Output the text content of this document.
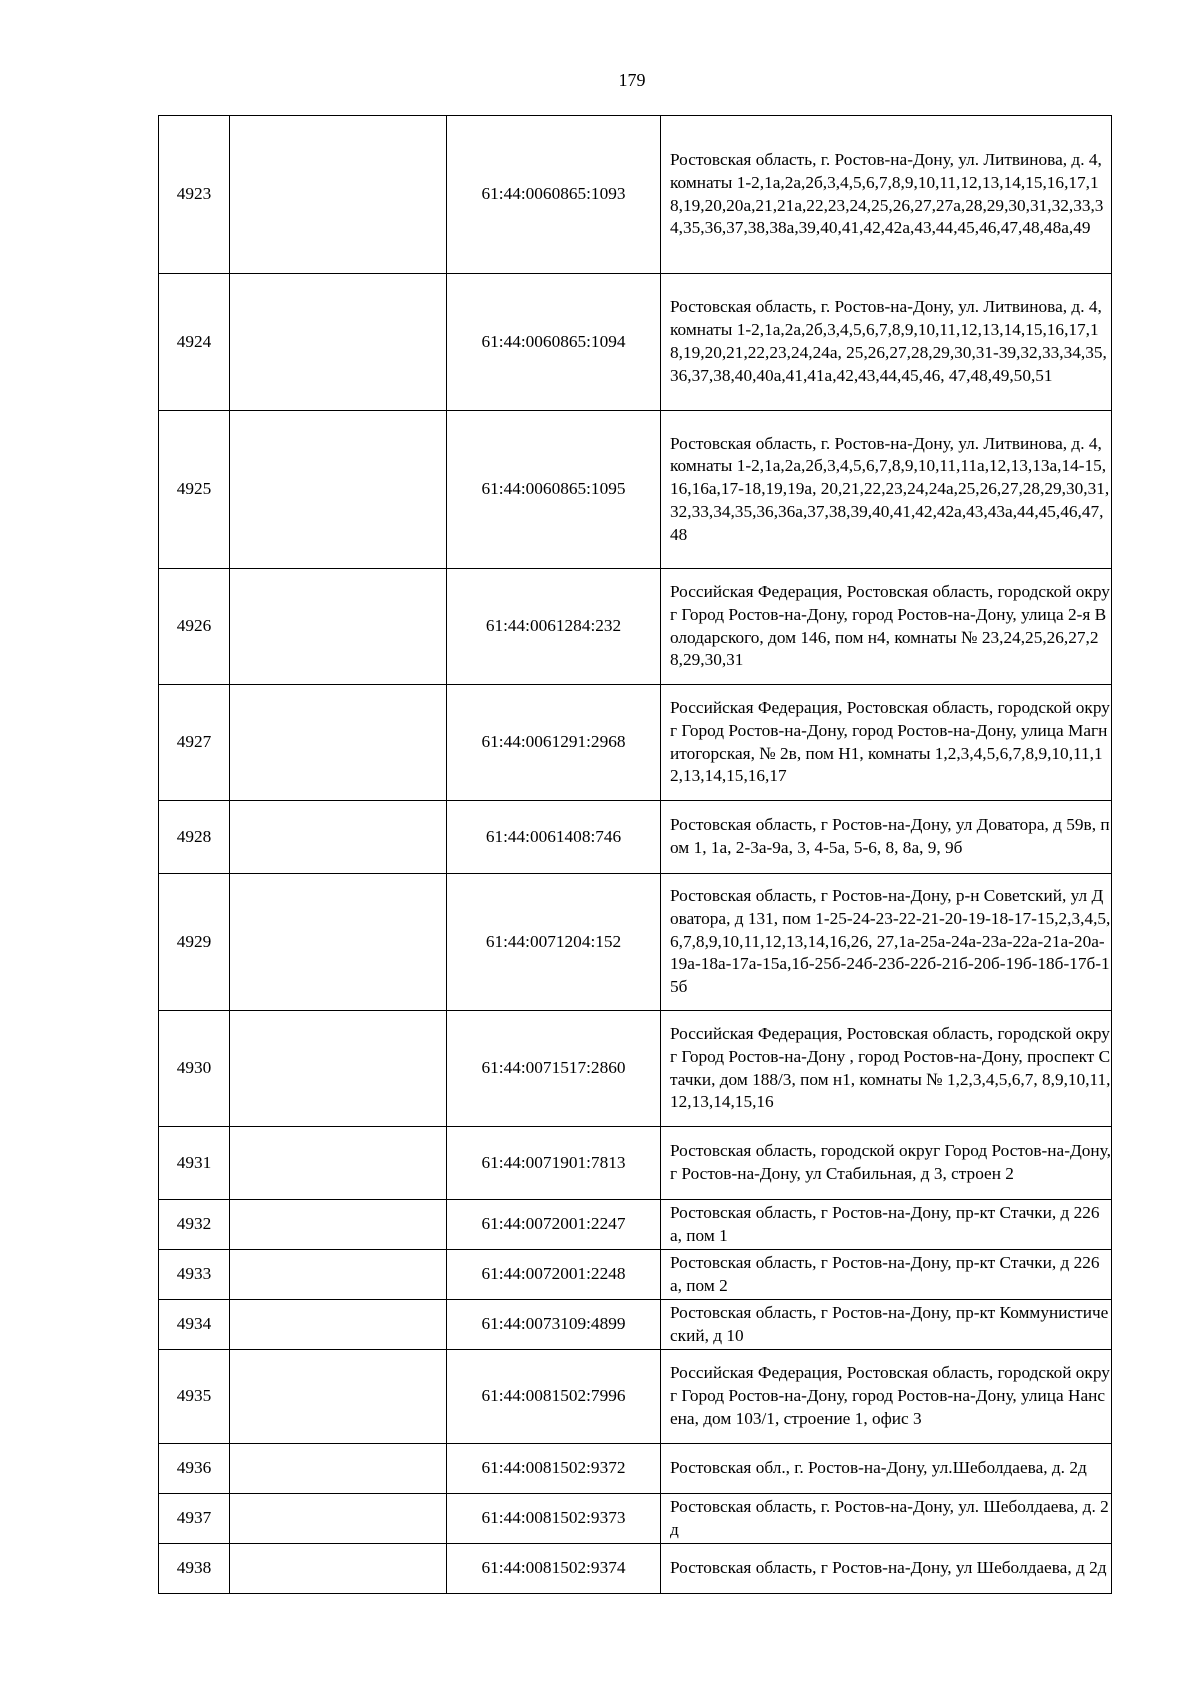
179
4923		61:44:0060865:1093	Ростовская область, г. Ростов-на-Дону, ул. Литвинова, д. 4, комнаты 1-2,1а,2а,2б,3,4,5,6,7,8,9,10,11,12,13,14,15,16,17,18,19,20,20а,21,21а,22,23,24,25,26,27,27а,28,29,30,31,32,33,34,35,36,37,38,38а,39,40,41,42,42а,43,44,45,46,47,48,48а,49
4924		61:44:0060865:1094	Ростовская область, г. Ростов-на-Дону, ул. Литвинова, д. 4, комнаты 1-2,1а,2а,2б,3,4,5,6,7,8,9,10,11,12,13,14,15,16,17,18,19,20,21,22,23,24,24а, 25,26,27,28,29,30,31-39,32,33,34,35,36,37,38,40,40а,41,41а,42,43,44,45,46, 47,48,49,50,51
4925		61:44:0060865:1095	Ростовская область, г. Ростов-на-Дону, ул. Литвинова, д. 4, комнаты 1-2,1а,2а,2б,3,4,5,6,7,8,9,10,11,11а,12,13,13а,14-15,16,16а,17-18,19,19а, 20,21,22,23,24,24а,25,26,27,28,29,30,31,32,33,34,35,36,36а,37,38,39,40,41,42,42а,43,43а,44,45,46,47,48
4926		61:44:0061284:232	Российская Федерация, Ростовская область, городской округ Город Ростов-на-Дону, город Ростов-на-Дону, улица 2-я Володарского, дом 146, пом н4, комнаты № 23,24,25,26,27,28,29,30,31
4927		61:44:0061291:2968	Российская Федерация, Ростовская область, городской округ Город Ростов-на-Дону, город Ростов-на-Дону, улица Магнитогорская, № 2в, пом Н1, комнаты 1,2,3,4,5,6,7,8,9,10,11,12,13,14,15,16,17
4928		61:44:0061408:746	Ростовская область, г Ростов-на-Дону, ул Доватора, д 59в, пом 1, 1а, 2-3а-9а, 3, 4-5а, 5-6, 8, 8а, 9, 9б
4929		61:44:0071204:152	Ростовская область, г Ростов-на-Дону, р-н Советский, ул Доватора, д 131, пом 1-25-24-23-22-21-20-19-18-17-15,2,3,4,5,6,7,8,9,10,11,12,13,14,16,26, 27,1а-25а-24а-23а-22а-21а-20а-19а-18а-17а-15а,1б-25б-24б-23б-22б-21б-20б-19б-18б-17б-15б
4930		61:44:0071517:2860	Российская Федерация, Ростовская область, городской округ Город Ростов-на-Дону , город Ростов-на-Дону, проспект Стачки, дом 188/3, пом н1, комнаты № 1,2,3,4,5,6,7, 8,9,10,11,12,13,14,15,16
4931		61:44:0071901:7813	Ростовская область, городской округ Город Ростов-на-Дону, г Ростов-на-Дону, ул Стабильная, д 3, строен 2
4932		61:44:0072001:2247	Ростовская область, г Ростов-на-Дону, пр-кт Стачки, д 226а, пом 1
4933		61:44:0072001:2248	Ростовская область, г Ростов-на-Дону, пр-кт Стачки, д 226а, пом 2
4934		61:44:0073109:4899	Ростовская область, г Ростов-на-Дону, пр-кт Коммунистический, д 10
4935		61:44:0081502:7996	Российская Федерация, Ростовская область, городской округ Город Ростов-на-Дону, город Ростов-на-Дону, улица Нансена, дом 103/1, строение 1, офис 3
4936		61:44:0081502:9372	Ростовская обл., г. Ростов-на-Дону, ул.Шеболдаева, д. 2д
4937		61:44:0081502:9373	Ростовская область, г. Ростов-на-Дону, ул. Шеболдаева, д. 2д
4938		61:44:0081502:9374	Ростовская область, г Ростов-на-Дону, ул Шеболдаева, д 2д
